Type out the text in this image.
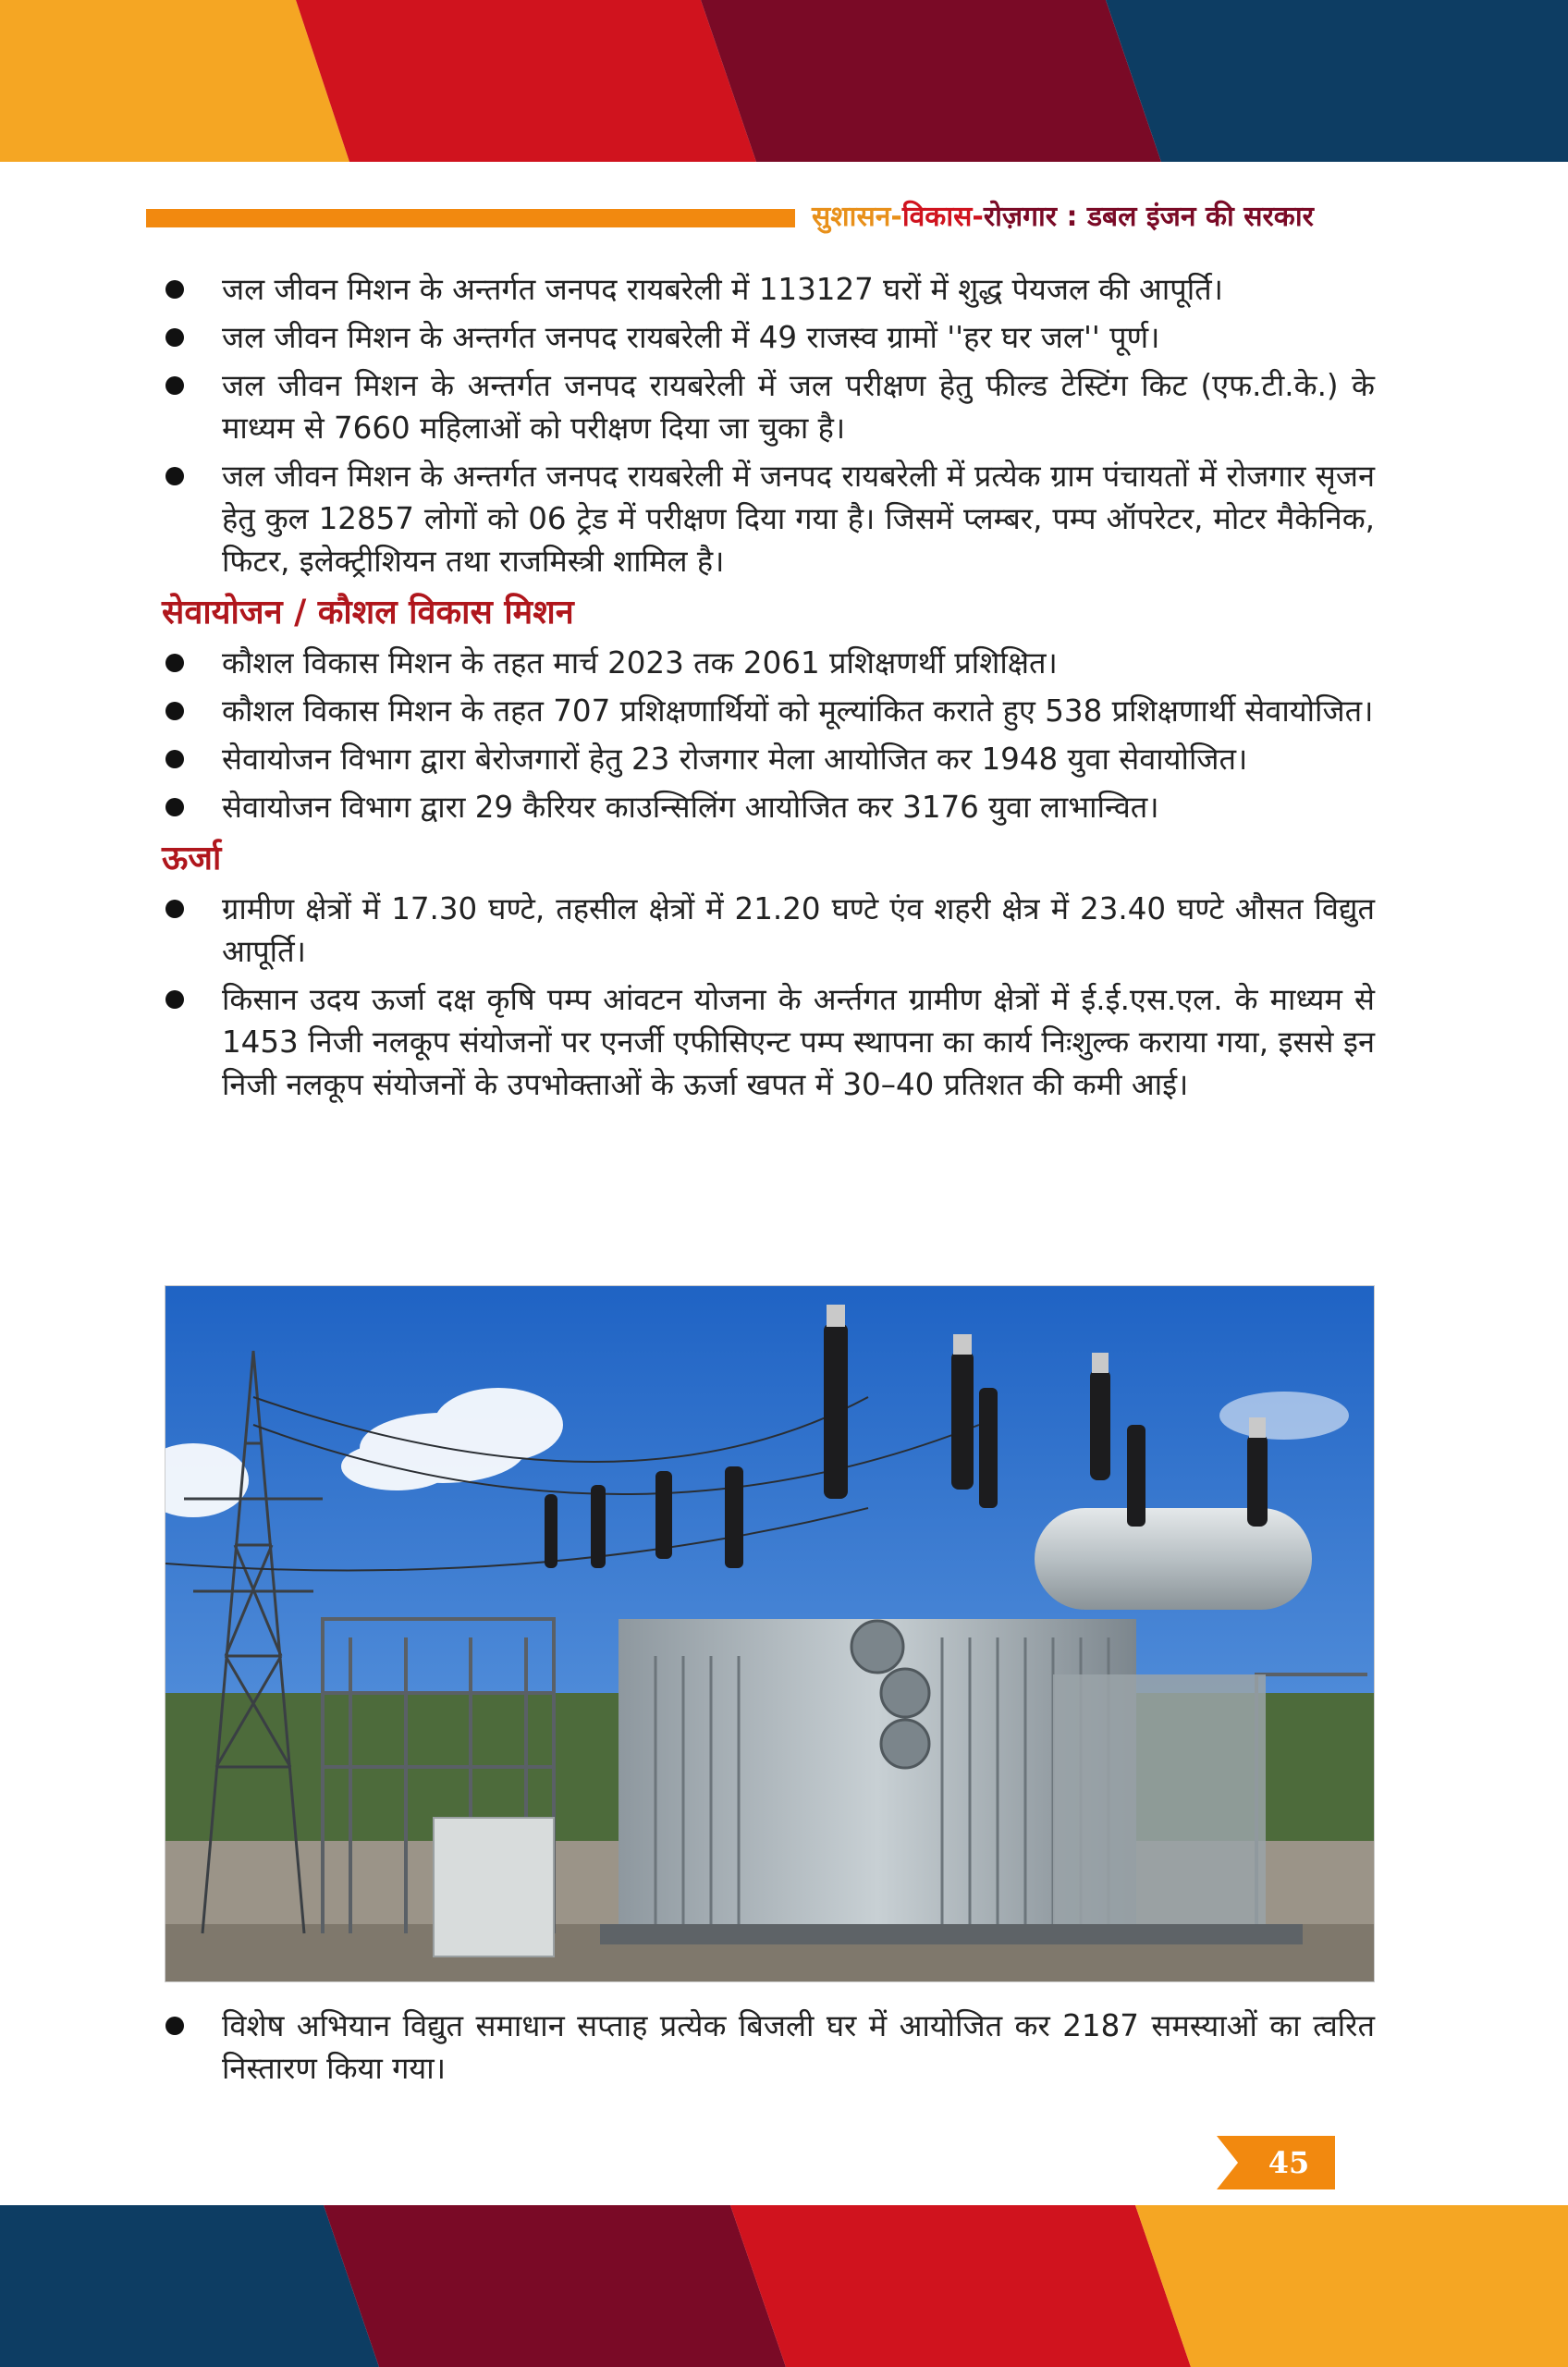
सुशासन-विकास-रोज़गार : डबल इंजन की सरकार
जल जीवन मिशन के अन्तर्गत जनपद रायबरेली में 113127 घरों में शुद्ध पेयजल की आपूर्ति।
जल जीवन मिशन के अन्तर्गत जनपद रायबरेली में 49 राजस्व ग्रामों ''हर घर जल'' पूर्ण।
जल जीवन मिशन के अन्तर्गत जनपद रायबरेली में जल परीक्षण हेतु फील्ड टेस्टिंग किट (एफ.टी.के.) के माध्यम से 7660 महिलाओं को परीक्षण दिया जा चुका है।
जल जीवन मिशन के अन्तर्गत जनपद रायबरेली में जनपद रायबरेली में प्रत्येक ग्राम पंचायतों में रोजगार सृजन हेतु कुल 12857 लोगों को 06 ट्रेड में परीक्षण दिया गया है। जिसमें प्लम्बर, पम्प ऑपरेटर, मोटर मैकेनिक, फिटर, इलेक्ट्रीशियन तथा राजमिस्त्री शामिल है।
सेवायोजन / कौशल विकास मिशन
कौशल विकास मिशन के तहत मार्च 2023 तक 2061 प्रशिक्षणर्थी प्रशिक्षित।
कौशल विकास मिशन के तहत 707 प्रशिक्षणार्थियों को मूल्यांकित कराते हुए 538 प्रशिक्षणार्थी सेवायोजित।
सेवायोजन विभाग द्वारा बेरोजगारों हेतु 23 रोजगार मेला आयोजित कर 1948 युवा सेवायोजित।
सेवायोजन विभाग द्वारा 29 कैरियर काउन्सिलिंग आयोजित कर 3176 युवा लाभान्वित।
ऊर्जा
ग्रामीण क्षेत्रों में 17.30 घण्टे, तहसील क्षेत्रों में 21.20 घण्टे एंव शहरी क्षेत्र में 23.40 घण्टे औसत विद्युत आपूर्ति।
किसान उदय ऊर्जा दक्ष कृषि पम्प आंवटन योजना के अर्न्तगत ग्रामीण क्षेत्रों में ई.ई.एस.एल. के माध्यम से 1453 निजी नलकूप संयोजनों पर एनर्जी एफीसिएन्ट पम्प स्थापना का कार्य निःशुल्क कराया गया, इससे इन निजी नलकूप संयोजनों के उपभोक्ताओं के ऊर्जा खपत में 30–40 प्रतिशत की कमी आई।
विशेष अभियान विद्युत समाधान सप्ताह प्रत्येक बिजली घर में आयोजित कर 2187 समस्याओं का त्वरित निस्तारण किया गया।
45
